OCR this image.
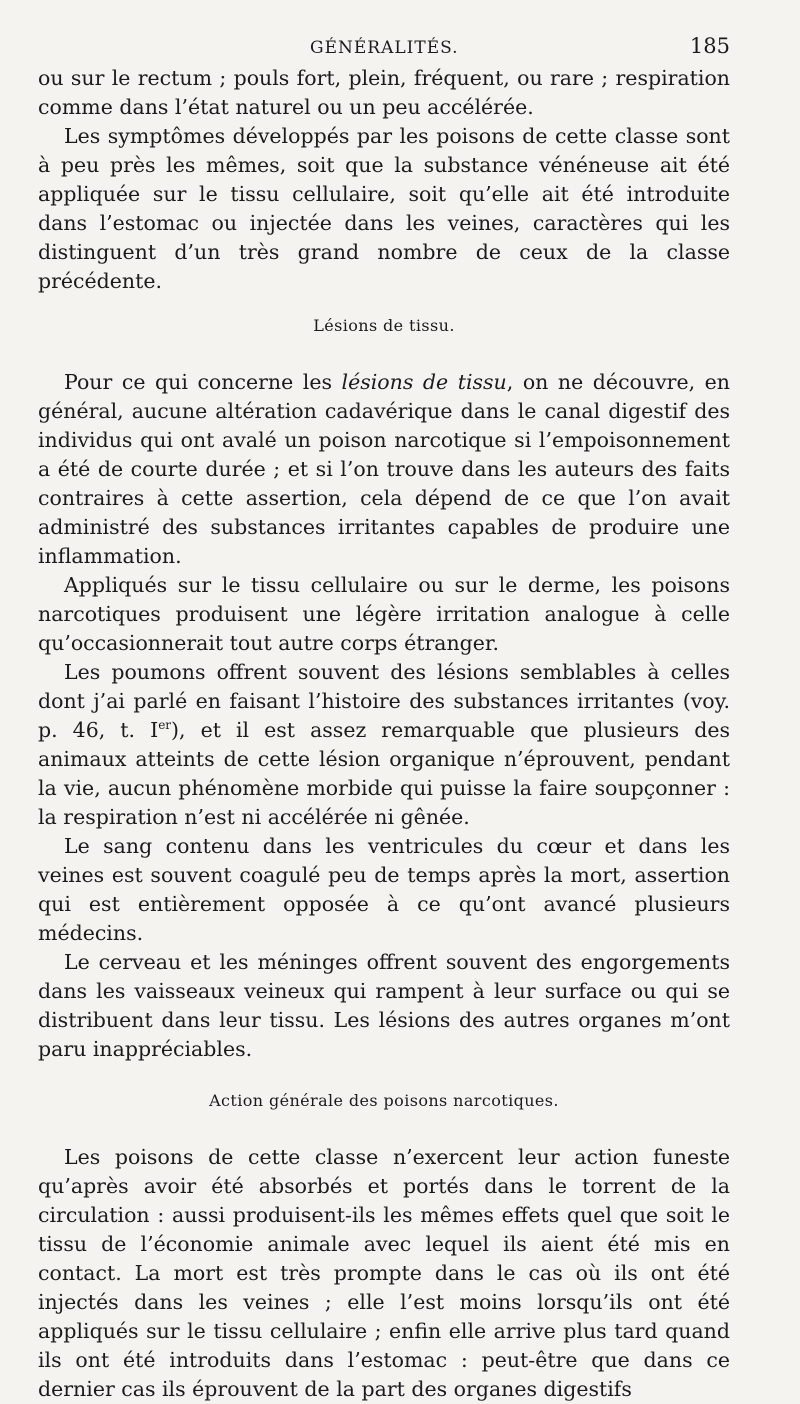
GÉNÉRALITÉS.	185

ou sur le rectum ; pouls fort, plein, fréquent, ou rare ; respiration comme dans l’état naturel ou un peu accélérée.

Les symptômes développés par les poisons de cette classe sont à peu près les mêmes, soit que la substance vénéneuse ait été appliquée sur le tissu cellulaire, soit qu’elle ait été introduite dans l’estomac ou injectée dans les veines, caractères qui les distinguent d’un très grand nombre de ceux de la classe précédente.

Lésions de tissu.

Pour ce qui concerne les lésions de tissu, on ne découvre, en général, aucune altération cadavérique dans le canal digestif des individus qui ont avalé un poison narcotique si l’empoisonnement a été de courte durée ; et si l’on trouve dans les auteurs des faits contraires à cette assertion, cela dépend de ce que l’on avait administré des substances irritantes capables de produire une inflammation.

Appliqués sur le tissu cellulaire ou sur le derme, les poisons narcotiques produisent une légère irritation analogue à celle qu’occasionnerait tout autre corps étranger.

Les poumons offrent souvent des lésions semblables à celles dont j’ai parlé en faisant l’histoire des substances irritantes (voy. p. 46, t. Ier), et il est assez remarquable que plusieurs des animaux atteints de cette lésion organique n’éprouvent, pendant la vie, aucun phénomène morbide qui puisse la faire soupçonner : la respiration n’est ni accélérée ni gênée.

Le sang contenu dans les ventricules du cœur et dans les veines est souvent coagulé peu de temps après la mort, assertion qui est entièrement opposée à ce qu’ont avancé plusieurs médecins.

Le cerveau et les méninges offrent souvent des engorgements dans les vaisseaux veineux qui rampent à leur surface ou qui se distribuent dans leur tissu. Les lésions des autres organes m’ont paru inappréciables.

Action générale des poisons narcotiques.

Les poisons de cette classe n’exercent leur action funeste qu’après avoir été absorbés et portés dans le torrent de la circulation : aussi produisent-ils les mêmes effets quel que soit le tissu de l’économie animale avec lequel ils aient été mis en contact. La mort est très prompte dans le cas où ils ont été injectés dans les veines ; elle l’est moins lorsqu’ils ont été appliqués sur le tissu cellulaire ; enfin elle arrive plus tard quand ils ont été introduits dans l’estomac : peut-être que dans ce dernier cas ils éprouvent de la part des organes digestifs
